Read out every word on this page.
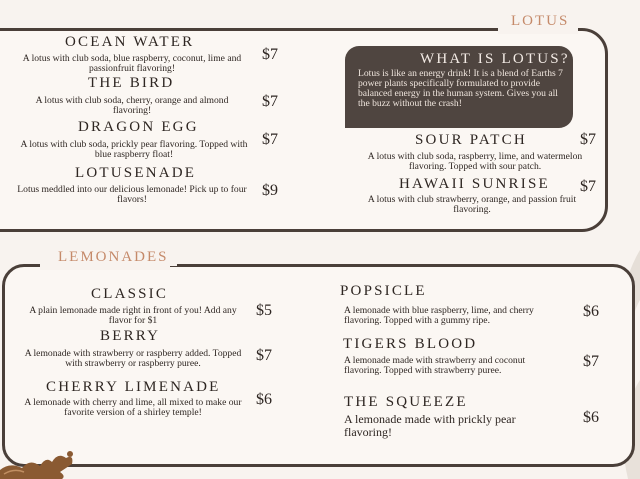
LOTUS
LEMONADES
OCEAN WATER
A lotus with club soda, blue raspberry, coconut, lime and passionfruit flavoring!
$7
THE BIRD
A lotus with club soda, cherry, orange and almond flavoring!
$7
DRAGON EGG
A lotus with club soda, prickly pear flavoring. Topped with blue raspberry float!
$7
LOTUSENADE
Lotus meddled into our delicious lemonade! Pick up to four flavors!
$9
WHAT IS LOTUS?
Lotus is like an energy drink! It is a blend of Earths 7 power plants specifically formulated to provide balanced energy in the human system. Gives you all the buzz without the crash!
SOUR PATCH
A lotus with club soda, raspberry, lime, and watermelon flavoring. Topped with sour patch.
$7
HAWAII SUNRISE
A lotus with club strawberry, orange, and passion fruit flavoring.
$7
CLASSIC
A plain lemonade made right in front of you! Add any flavor for $1
$5
BERRY
A lemonade with strawberry or raspberry added. Topped with strawberry or raspberry puree.	$7
CHERRY LIMENADE
A lemonade with cherry and lime, all mixed to make our favorite version of a shirley temple!
$6
POPSICLE
A lemonade with blue raspberry, lime, and cherry flavoring. Topped with a gummy ripe.
$6
TIGERS BLOOD
A lemonade made with strawberry and coconut flavoring. Topped with strawberry puree.
$7
THE SQUEEZE
A lemonade made with prickly pear flavoring!
$6
